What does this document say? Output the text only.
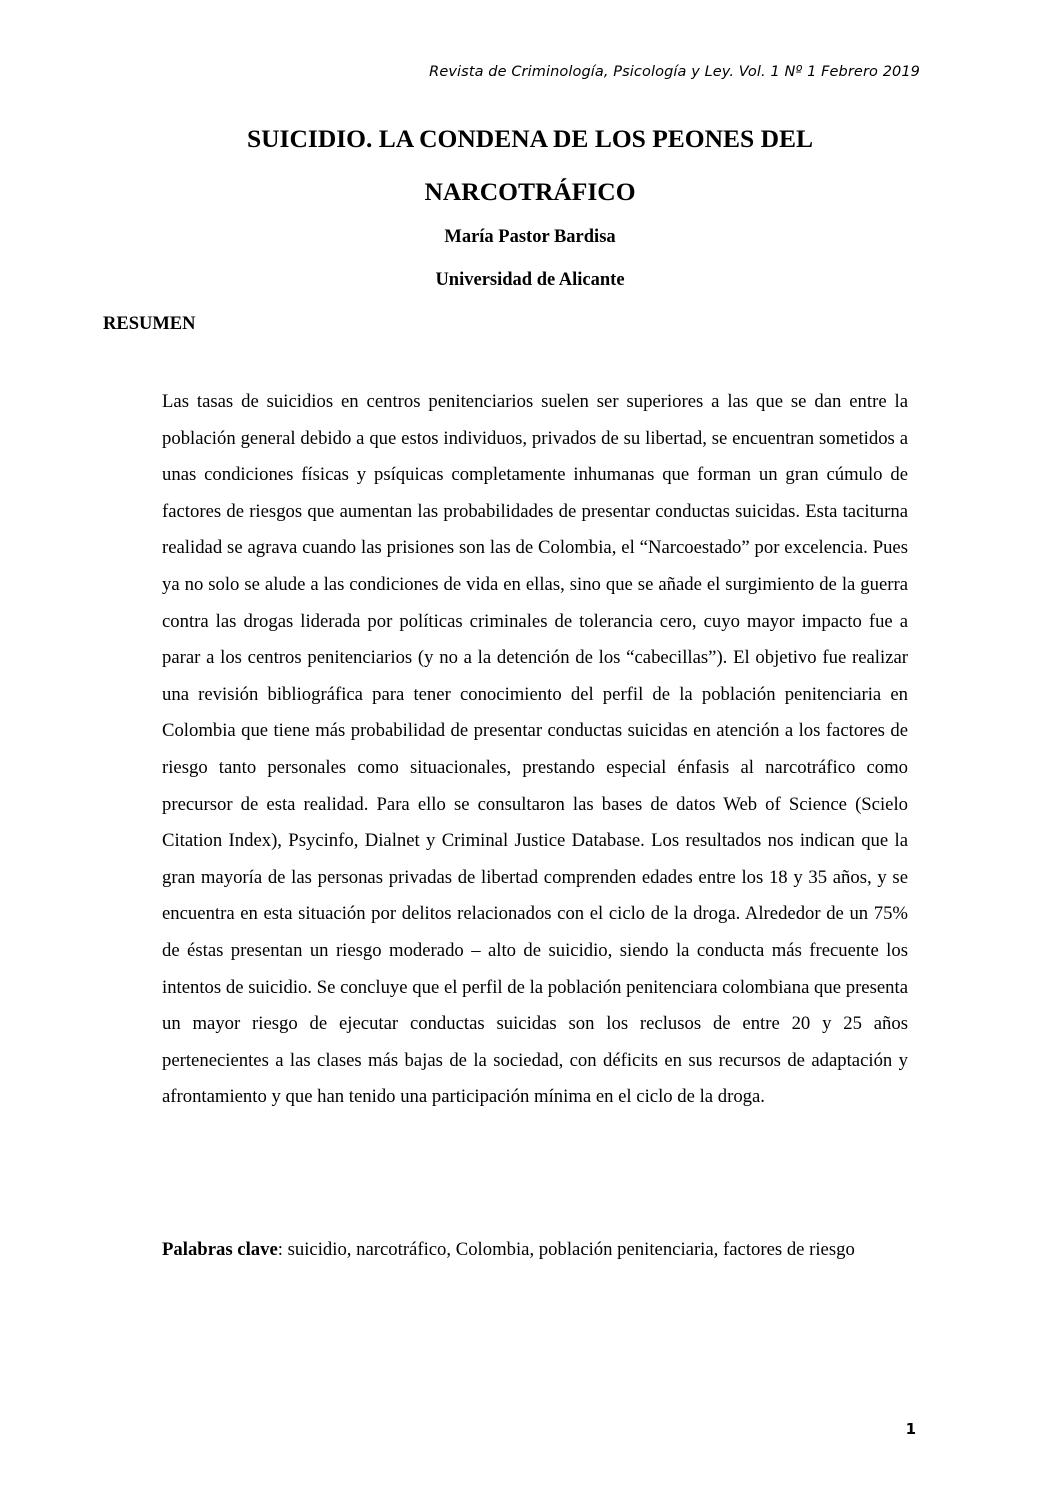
Revista de Criminología, Psicología y Ley. Vol. 1 Nº 1 Febrero 2019
SUICIDIO. LA CONDENA DE LOS PEONES DEL
NARCOTRÁFICO

María Pastor Bardisa

Universidad de Alicante

RESUMEN

Las tasas de suicidios en centros penitenciarios suelen ser superiores a las que se dan entre la población general debido a que estos individuos, privados de su libertad, se encuentran sometidos a unas condiciones físicas y psíquicas completamente inhumanas que forman un gran cúmulo de factores de riesgos que aumentan las probabilidades de presentar conductas suicidas. Esta taciturna realidad se agrava cuando las prisiones son las de Colombia, el “Narcoestado” por excelencia. Pues ya no solo se alude a las condiciones de vida en ellas, sino que se añade el surgimiento de la guerra contra las drogas liderada por políticas criminales de tolerancia cero, cuyo mayor impacto fue a parar a los centros penitenciarios (y no a la detención de los “cabecillas”). El objetivo fue realizar una revisión bibliográfica para tener conocimiento del perfil de la población penitenciaria en Colombia que tiene más probabilidad de presentar conductas suicidas en atención a los factores de riesgo tanto personales como situacionales, prestando especial énfasis al narcotráfico como precursor de esta realidad. Para ello se consultaron las bases de datos Web of Science (Scielo Citation Index), Psycinfo, Dialnet y Criminal Justice Database. Los resultados nos indican que la gran mayoría de las personas privadas de libertad comprenden edades entre los 18 y 35 años, y se encuentra en esta situación por delitos relacionados con el ciclo de la droga. Alrededor de un 75% de éstas presentan un riesgo moderado – alto de suicidio, siendo la conducta más frecuente los intentos de suicidio. Se concluye que el perfil de la población penitenciara colombiana que presenta un mayor riesgo de ejecutar conductas suicidas son los reclusos de entre 20 y 25 años pertenecientes a las clases más bajas de la sociedad, con déficits en sus recursos de adaptación y afrontamiento y que han tenido una participación mínima en el ciclo de la droga.

Palabras clave: suicidio, narcotráfico, Colombia, población penitenciaria, factores de riesgo

1
